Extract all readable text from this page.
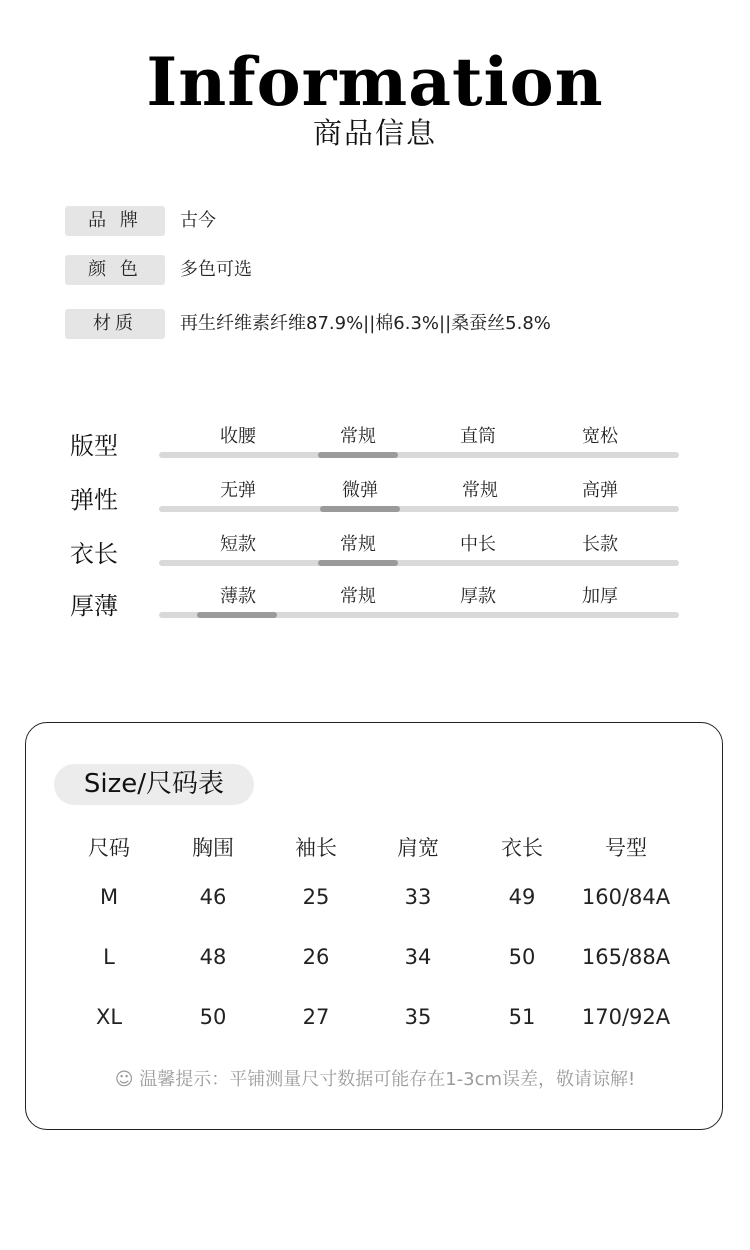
Information
商品信息
品 牌	古今
颜 色	多色可选
材质	再生纤维素纤维87.9%||棉6.3%||桑蚕丝5.8%
版型	收腰	常规	直筒	宽松
弹性	无弹	微弹	常规	高弹
衣长	短款	常规	中长	长款
厚薄	薄款	常规	厚款	加厚
Size/尺码表
尺码	胸围	袖长	肩宽	衣长	号型
M	46	25	33	49	160/84A
L	48	26	34	50	165/88A
XL	50	27	35	51	170/92A
☺ 温馨提示：平铺测量尺寸数据可能存在1-3cm误差，敬请谅解!
